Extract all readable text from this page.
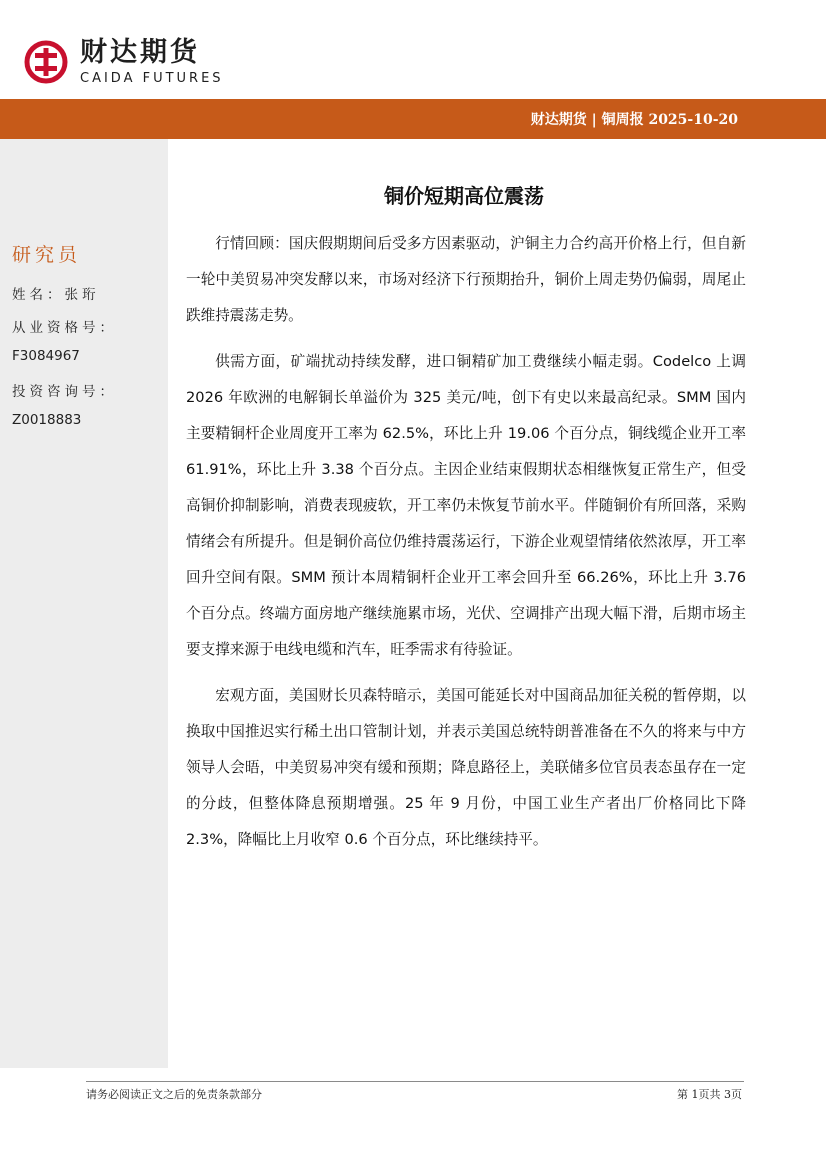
财达期货
CAIDA FUTURES
财达期货 | 铜周报 2025-10-20
研究员
姓名：张珩
从业资格号：
F3084967
投资咨询号：
Z0018883
铜价短期高位震荡

行情回顾：国庆假期期间后受多方因素驱动，沪铜主力合约高开价格上行，但自新一轮中美贸易冲突发酵以来，市场对经济下行预期抬升，铜价上周走势仍偏弱，周尾止跌维持震荡走势。

供需方面，矿端扰动持续发酵，进口铜精矿加工费继续小幅走弱。Codelco 上调 2026 年欧洲的电解铜长单溢价为 325 美元/吨，创下有史以来最高纪录。SMM 国内主要精铜杆企业周度开工率为 62.5%，环比上升 19.06 个百分点，铜线缆企业开工率 61.91%，环比上升 3.38 个百分点。主因企业结束假期状态相继恢复正常生产，但受高铜价抑制影响，消费表现疲软，开工率仍未恢复节前水平。伴随铜价有所回落，采购情绪会有所提升。但是铜价高位仍维持震荡运行，下游企业观望情绪依然浓厚，开工率回升空间有限。SMM 预计本周精铜杆企业开工率会回升至 66.26%，环比上升 3.76 个百分点。终端方面房地产继续施累市场，光伏、空调排产出现大幅下滑，后期市场主要支撑来源于电线电缆和汽车，旺季需求有待验证。

宏观方面，美国财长贝森特暗示，美国可能延长对中国商品加征关税的暂停期，以换取中国推迟实行稀土出口管制计划，并表示美国总统特朗普准备在不久的将来与中方领导人会晤，中美贸易冲突有缓和预期；降息路径上，美联储多位官员表态虽存在一定的分歧，但整体降息预期增强。25 年 9 月份，中国工业生产者出厂价格同比下降 2.3%，降幅比上月收窄 0.6 个百分点，环比继续持平。

请务必阅读正文之后的免责条款部分	第 1页共 3页
